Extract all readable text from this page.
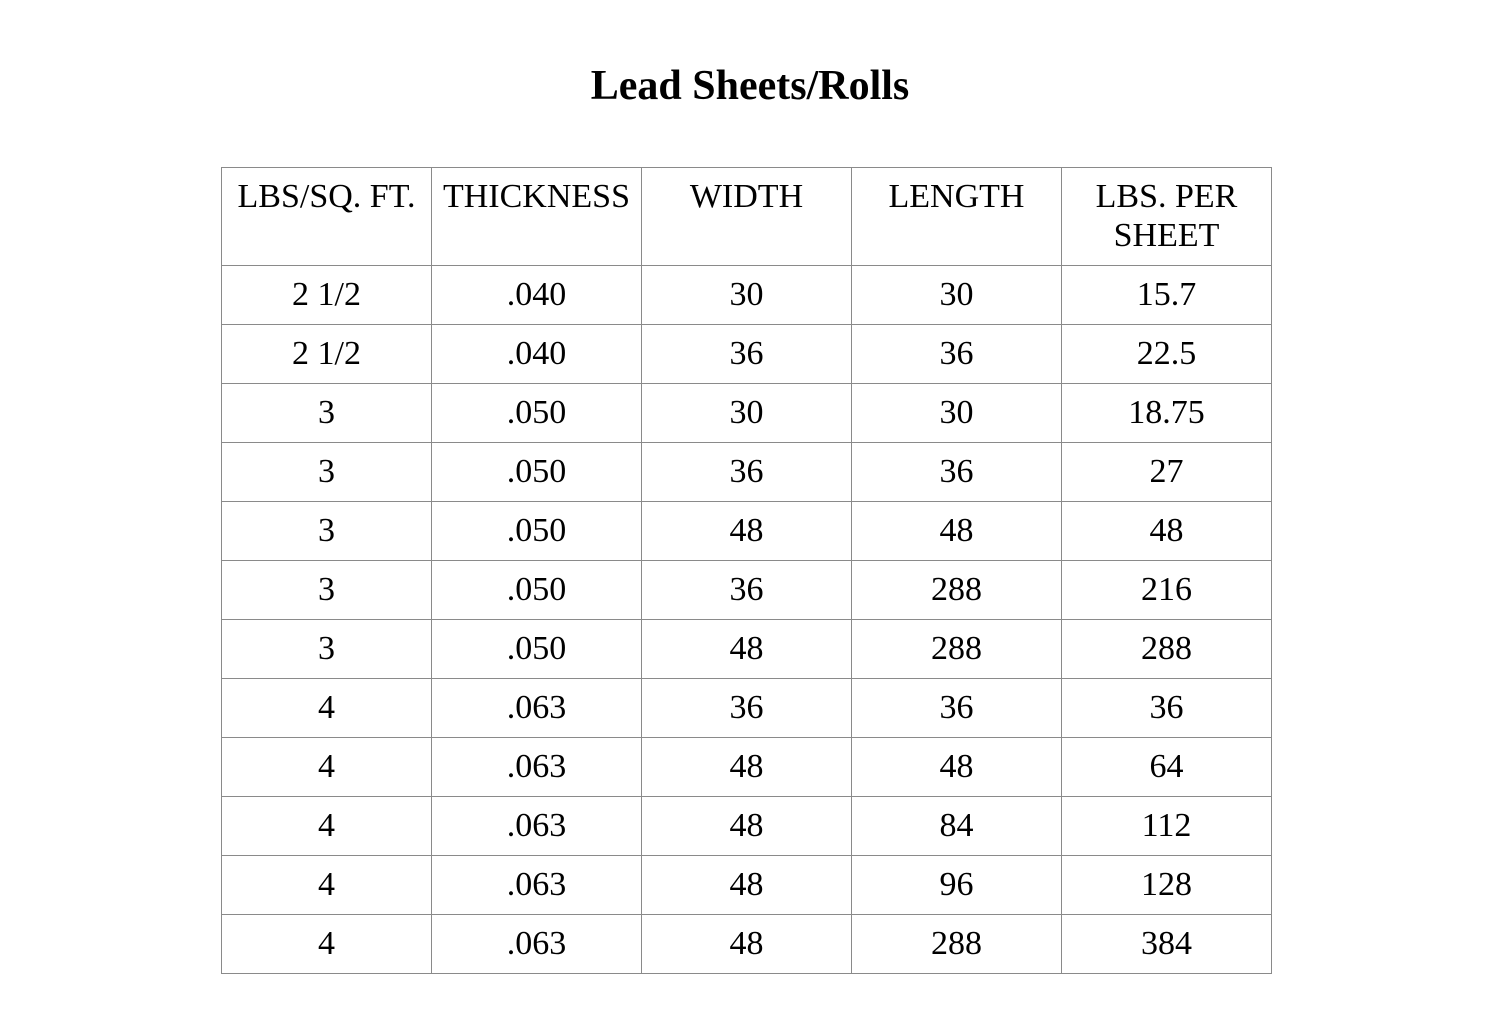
Lead Sheets/Rolls
LBS/SQ. FT.	THICKNESS	WIDTH	LENGTH	LBS. PER SHEET
2 1/2	.040	30	30	15.7
2 1/2	.040	36	36	22.5
3	.050	30	30	18.75
3	.050	36	36	27
3	.050	48	48	48
3	.050	36	288	216
3	.050	48	288	288
4	.063	36	36	36
4	.063	48	48	64
4	.063	48	84	112
4	.063	48	96	128
4	.063	48	288	384
